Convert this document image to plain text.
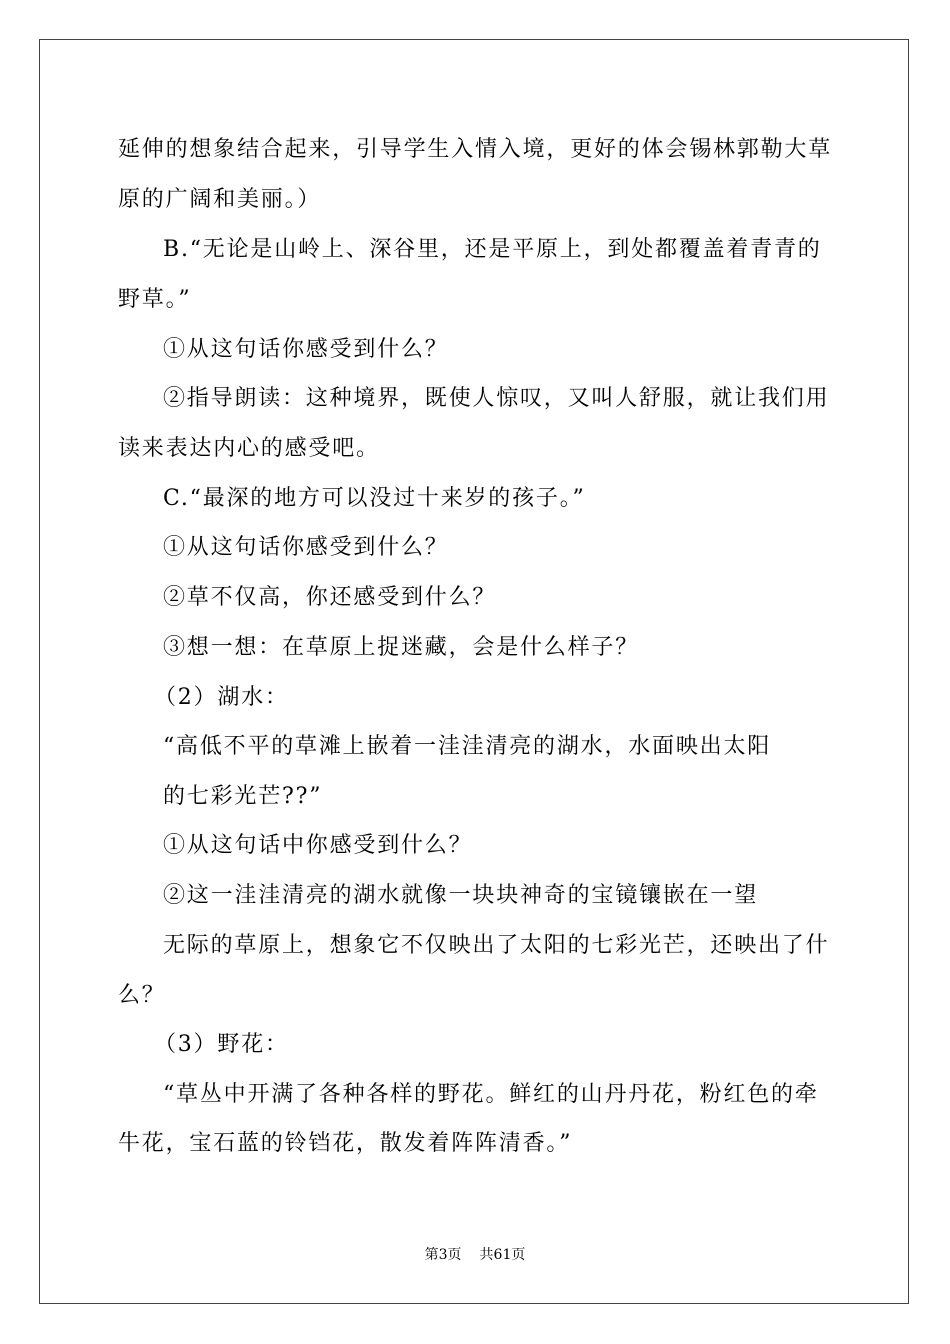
延伸的想象结合起来，引导学生入情入境，更好的体会锡林郭勒大草
原的广阔和美丽。）
B.“无论是山岭上、深谷里，还是平原上，到处都覆盖着青青的
野草。”
①从这句话你感受到什么？
②指导朗读：这种境界，既使人惊叹，又叫人舒服，就让我们用
读来表达内心的感受吧。
C.“最深的地方可以没过十来岁的孩子。”
①从这句话你感受到什么？
②草不仅高，你还感受到什么？
③想一想：在草原上捉迷藏，会是什么样子？
（2）湖水：
“高低不平的草滩上嵌着一洼洼清亮的湖水，水面映出太阳
的七彩光芒??”
①从这句话中你感受到什么？
②这一洼洼清亮的湖水就像一块块神奇的宝镜镶嵌在一望
无际的草原上，想象它不仅映出了太阳的七彩光芒，还映出了什
么？
（3）野花：
“草丛中开满了各种各样的野花。鲜红的山丹丹花，粉红色的牵
牛花，宝石蓝的铃铛花，散发着阵阵清香。”
第3页 共61页
